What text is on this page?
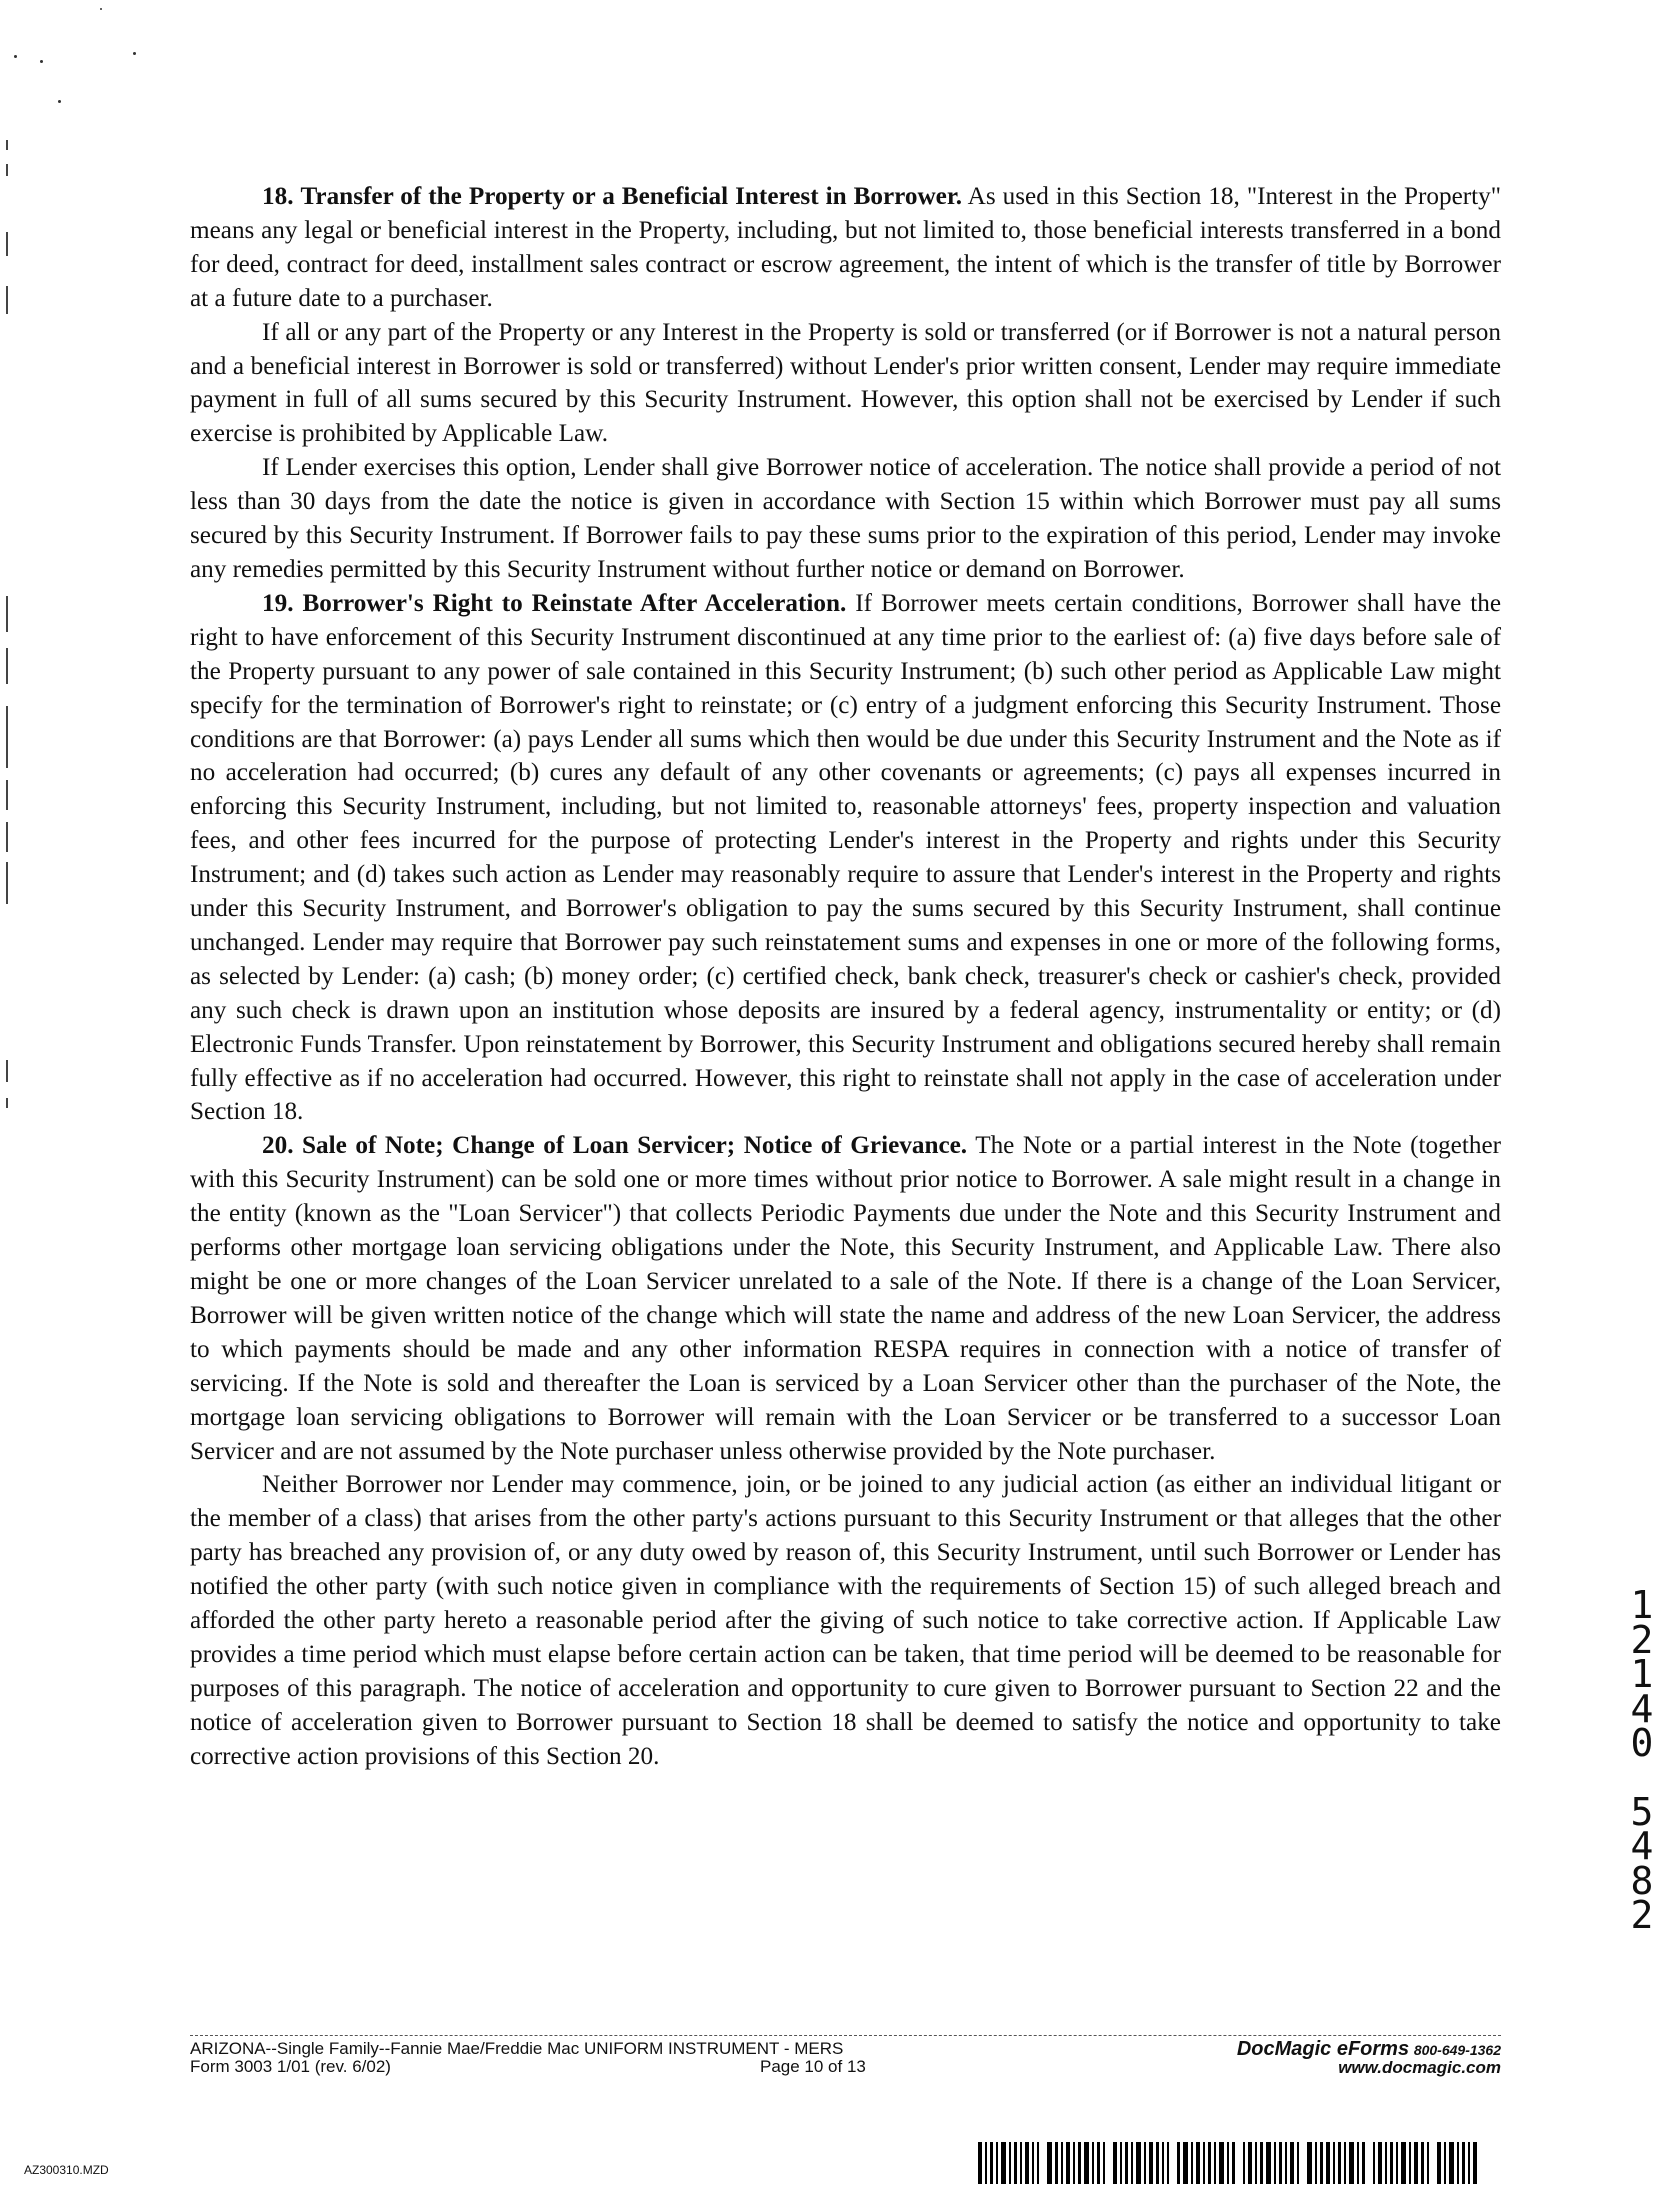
18. Transfer of the Property or a Beneficial Interest in Borrower. As used in this Section 18, "Interest in the Property" means any legal or beneficial interest in the Property, including, but not limited to, those beneficial interests transferred in a bond for deed, contract for deed, installment sales contract or escrow agreement, the intent of which is the transfer of title by Borrower at a future date to a purchaser.

If all or any part of the Property or any Interest in the Property is sold or transferred (or if Borrower is not a natural person and a beneficial interest in Borrower is sold or transferred) without Lender's prior written consent, Lender may require immediate payment in full of all sums secured by this Security Instrument. However, this option shall not be exercised by Lender if such exercise is prohibited by Applicable Law.

If Lender exercises this option, Lender shall give Borrower notice of acceleration. The notice shall provide a period of not less than 30 days from the date the notice is given in accordance with Section 15 within which Borrower must pay all sums secured by this Security Instrument. If Borrower fails to pay these sums prior to the expiration of this period, Lender may invoke any remedies permitted by this Security Instrument without further notice or demand on Borrower.

19. Borrower's Right to Reinstate After Acceleration. If Borrower meets certain conditions, Borrower shall have the right to have enforcement of this Security Instrument discontinued at any time prior to the earliest of: (a) five days before sale of the Property pursuant to any power of sale contained in this Security Instrument; (b) such other period as Applicable Law might specify for the termination of Borrower's right to reinstate; or (c) entry of a judgment enforcing this Security Instrument. Those conditions are that Borrower: (a) pays Lender all sums which then would be due under this Security Instrument and the Note as if no acceleration had occurred; (b) cures any default of any other covenants or agreements; (c) pays all expenses incurred in enforcing this Security Instrument, including, but not limited to, reasonable attorneys' fees, property inspection and valuation fees, and other fees incurred for the purpose of protecting Lender's interest in the Property and rights under this Security Instrument; and (d) takes such action as Lender may reasonably require to assure that Lender's interest in the Property and rights under this Security Instrument, and Borrower's obligation to pay the sums secured by this Security Instrument, shall continue unchanged. Lender may require that Borrower pay such reinstatement sums and expenses in one or more of the following forms, as selected by Lender: (a) cash; (b) money order; (c) certified check, bank check, treasurer's check or cashier's check, provided any such check is drawn upon an institution whose deposits are insured by a federal agency, instrumentality or entity; or (d) Electronic Funds Transfer. Upon reinstatement by Borrower, this Security Instrument and obligations secured hereby shall remain fully effective as if no acceleration had occurred. However, this right to reinstate shall not apply in the case of acceleration under Section 18.

20. Sale of Note; Change of Loan Servicer; Notice of Grievance. The Note or a partial interest in the Note (together with this Security Instrument) can be sold one or more times without prior notice to Borrower. A sale might result in a change in the entity (known as the "Loan Servicer") that collects Periodic Payments due under the Note and this Security Instrument and performs other mortgage loan servicing obligations under the Note, this Security Instrument, and Applicable Law. There also might be one or more changes of the Loan Servicer unrelated to a sale of the Note. If there is a change of the Loan Servicer, Borrower will be given written notice of the change which will state the name and address of the new Loan Servicer, the address to which payments should be made and any other information RESPA requires in connection with a notice of transfer of servicing. If the Note is sold and thereafter the Loan is serviced by a Loan Servicer other than the purchaser of the Note, the mortgage loan servicing obligations to Borrower will remain with the Loan Servicer or be transferred to a successor Loan Servicer and are not assumed by the Note purchaser unless otherwise provided by the Note purchaser.

Neither Borrower nor Lender may commence, join, or be joined to any judicial action (as either an individual litigant or the member of a class) that arises from the other party's actions pursuant to this Security Instrument or that alleges that the other party has breached any provision of, or any duty owed by reason of, this Security Instrument, until such Borrower or Lender has notified the other party (with such notice given in compliance with the requirements of Section 15) of such alleged breach and afforded the other party hereto a reasonable period after the giving of such notice to take corrective action. If Applicable Law provides a time period which must elapse before certain action can be taken, that time period will be deemed to be reasonable for purposes of this paragraph. The notice of acceleration and opportunity to cure given to Borrower pursuant to Section 22 and the notice of acceleration given to Borrower pursuant to Section 18 shall be deemed to satisfy the notice and opportunity to take corrective action provisions of this Section 20.

1
2
1
4
0
5
4
8
2
ARIZONA--Single Family--Fannie Mae/Freddie Mac UNIFORM INSTRUMENT - MERS
Form 3003 1/01 (rev. 6/02)	Page 10 of 13
DocMagic eForms 800-649-1362
www.docmagic.com
AZ300310.MZD
